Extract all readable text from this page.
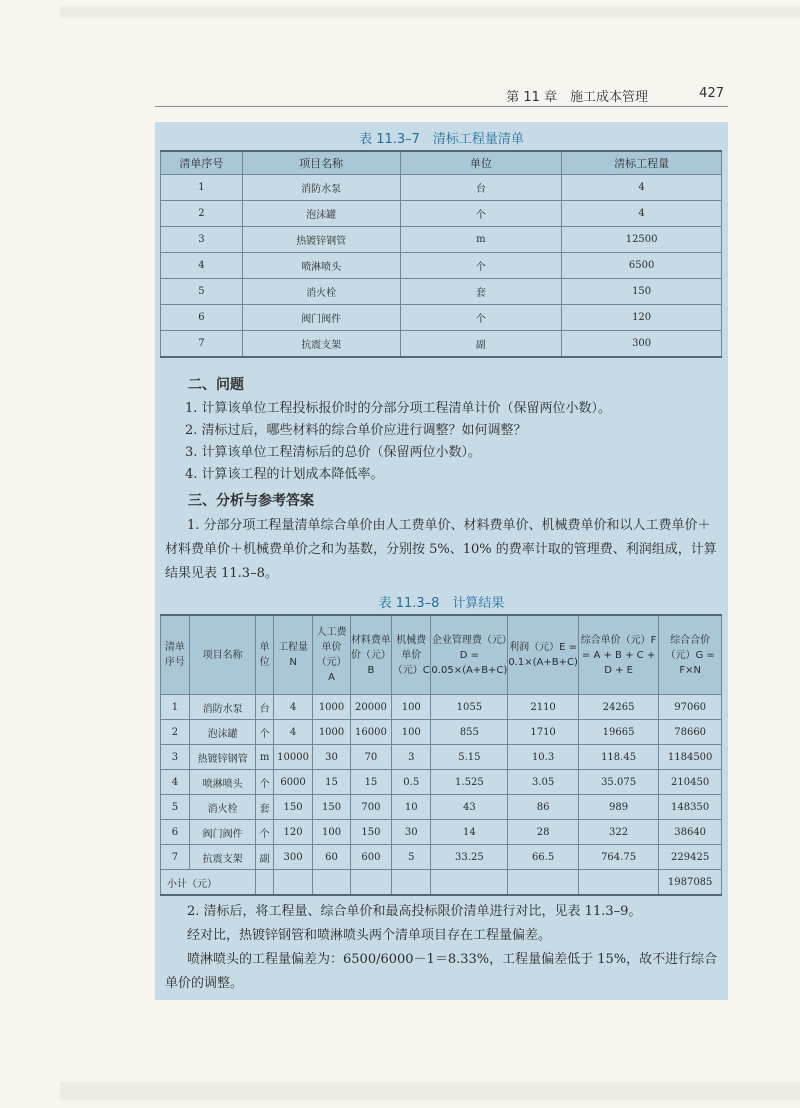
第 11 章　施工成本管理	427
表 11.3–7　清标工程量清单
清单序号	项目名称	单位	清标工程量
1	消防水泵	台	4
2	泡沫罐	个	4
3	热镀锌钢管	m	12500
4	喷淋喷头	个	6500
5	消火栓	套	150
6	阀门阀件	个	120
7	抗震支架	副	300
二、问题
1. 计算该单位工程投标报价时的分部分项工程清单计价（保留两位小数）。
2. 清标过后，哪些材料的综合单价应进行调整？如何调整？
3. 计算该单位工程清标后的总价（保留两位小数）。
4. 计算该工程的计划成本降低率。
三、分析与参考答案
1. 分部分项工程量清单综合单价由人工费单价、材料费单价、机械费单价和以人工费单价＋材料费单价＋机械费单价之和为基数，分别按 5%、10% 的费率计取的管理费、利润组成，计算结果见表 11.3–8。
表 11.3–8　计算结果
清单序号	项目名称	单位	工程量 N	人工费单价（元）A	材料费单价（元）B	机械费单价（元）C	企业管理费（元）D = 0.05×(A+B+C)	利润（元）E = 0.1×(A+B+C)	综合单价（元）F = A + B + C + D + E	综合合价（元）G = F×N
1	消防水泵	台	4	1000	20000	100	1055	2110	24265	97060
2	泡沫罐	个	4	1000	16000	100	855	1710	19665	78660
3	热镀锌钢管	m	10000	30	70	3	5.15	10.3	118.45	1184500
4	喷淋喷头	个	6000	15	15	0.5	1.525	3.05	35.075	210450
5	消火栓	套	150	150	700	10	43	86	989	148350
6	阀门阀件	个	120	100	150	30	14	28	322	38640
7	抗震支架	副	300	60	600	5	33.25	66.5	764.75	229425
小计（元）										1987085
2. 清标后，将工程量、综合单价和最高投标限价清单进行对比，见表 11.3–9。
经对比，热镀锌钢管和喷淋喷头两个清单项目存在工程量偏差。
喷淋喷头的工程量偏差为：6500/6000－1＝8.33%，工程量偏差低于 15%，故不进行综合单价的调整。
